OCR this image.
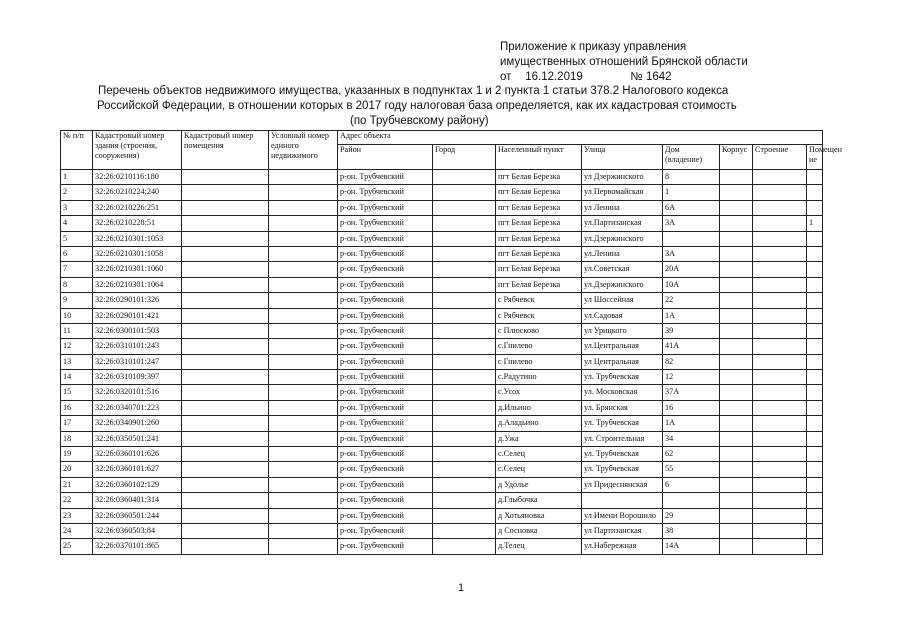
Приложение к приказу управления
имущественных отношений Брянской области
от 16.12.2019	№ 1642
Перечень объектов недвижимого имущества, указанных в подпунктах 1 и 2 пункта 1 статьи 378.2 Налогового кодекса
Российской Федерации, в отношении которых в 2017 году налоговая база определяется, как их кадастровая стоимость
(по Трубчевскому району)
№ п/п	Кадастровый номер здания (строения, сооружения)	Кадастровый номер помещения	Условный номер единого недвижимого	Адрес объекта							
				Район	Город	Населенный пункт	Улица	Дом (владение)	Корпус	Строение	Помещен ие
1	32:26:0210116:180			р-он. Трубчевский		пгт Белая Березка	ул Дзержинского	8			
2	32:26:0210224:240			р-он. Трубчевский		пгт Белая Березка	ул Первомайская	1			
3	32:26:0210226:251			р-он. Трубчевский		пгт Белая Березка	ул Ленина	6А			
4	32:26:0210228:51			р-он. Трубчевский		пгт Белая Березка	ул.Партизанская	3А			1
5	32:26:0210301:1053			р-он. Трубчевский		пгт Белая Березка	ул.Дзержинского				
6	32:26:0210301:1058			р-он. Трубчевский		пгт Белая Березка	ул.Ленина	3А			
7	32:26:0210301:1060			р-он. Трубчевский		пгт Белая Березка	ул.Советская	20А			
8	32:26:0210301:1064			р-он. Трубчевский		пгт Белая Березка	ул.Дзержинского	10А			
9	32:26:0290101:326			р-он. Трубчевский		с Рябчевск	ул Шоссейная	22			
10	32:26:0290101:421			р-он. Трубчевский		с Рябчевск	ул.Садовая	1А			
11	32:26:0300101:503			р-он. Трубчевский		с Плюсково	ул Урицкого	39			
12	32:26:0310101:243			р-он. Трубчевский		с.Гнилево	ул.Центральная	41А			
13	32:26:0310101:247			р-он. Трубчевский		с Гнилево	ул Центральная	82			
14	32:26:0310109:397			р-он. Трубчевский		с.Радутино	ул. Трубчевская	12			
15	32:26:0320101:516			р-он. Трубчевский		с.Усох	ул. Московская	37А			
16	32:26:0340701:223			р-он. Трубчевский		д.Ильино	ул. Брянская	16			
17	32:26:0340901:260			р-он. Трубчевский		д.Аладьино	ул. Трубчевская	1А			
18	32:26:0350501:241			р-он. Трубчевский		д.Ужа	ул. Строительная	34			
19	32:26:0360101:626			р-он. Трубчевский		с.Селец	ул. Трубчевская	62			
20	32:26:0360101:627			р-он. Трубчевский		с.Селец	ул. Трубчевская	55			
21	32:26:0360102:129			р-он. Трубчевский		д Удолье	ул Придеснянская	6			
22	32:26:0360401:314			р-он. Трубчевский		д.Глыбочка					
23	32:26:0360501:244			р-он. Трубчевский		д Хотьяновка	ул Имени Ворошило	29			
24	32:26:0360503:84			р-он. Трубчевский		д Сосновка	ул Партизанская	38			
25	32:26:0370101:865			р-он. Трубчевский		д.Телец	ул.Набережная	14А			
1
